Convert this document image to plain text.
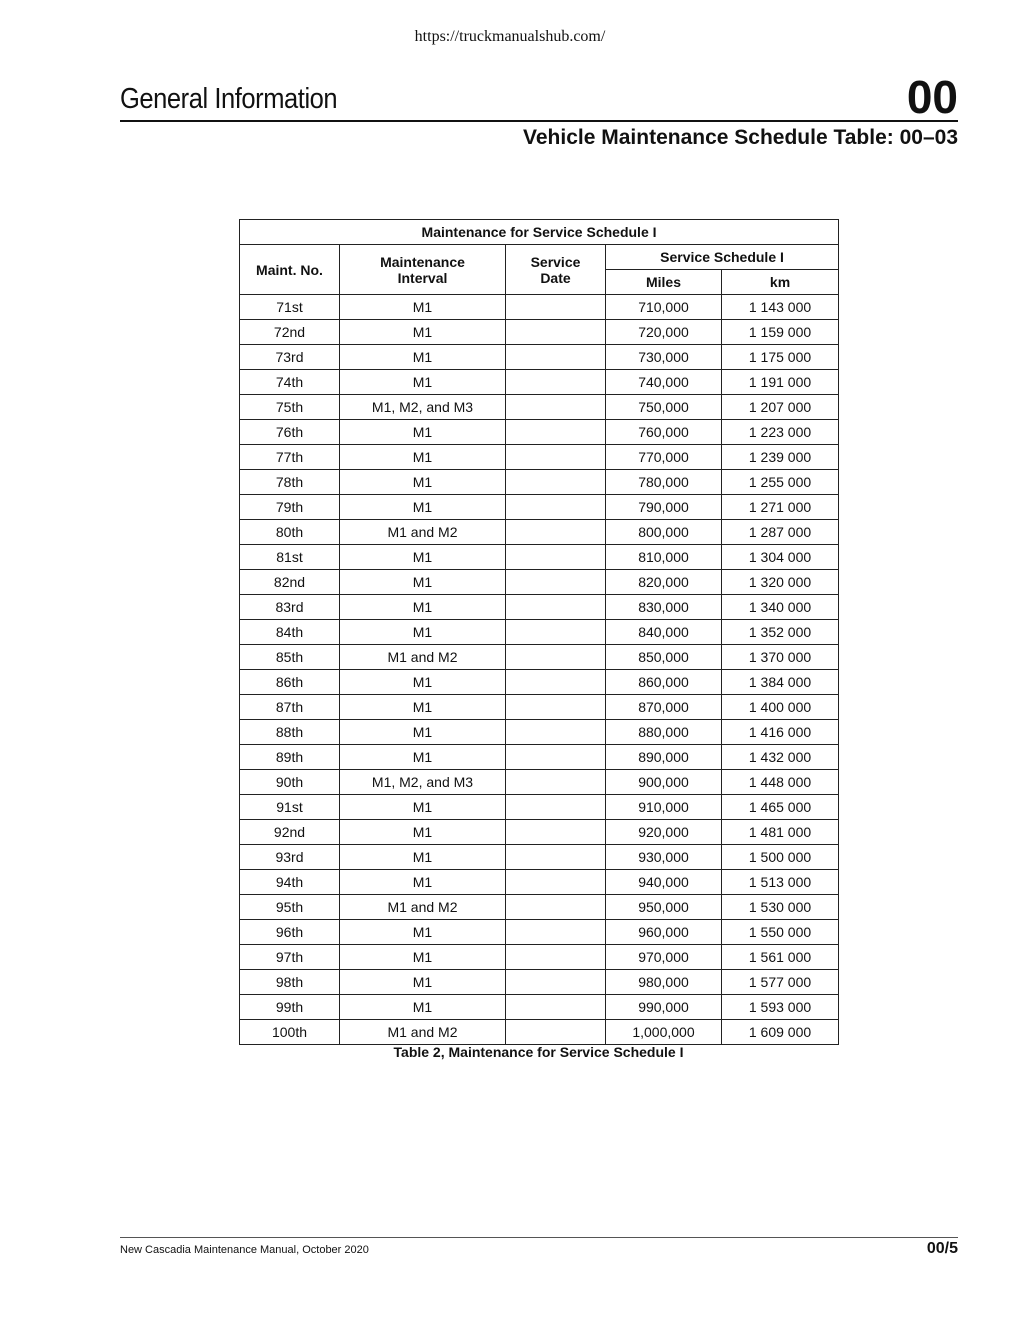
https://truckmanualshub.com/
General Information	00
Vehicle Maintenance Schedule Table: 00–03
Maintenance for Service Schedule I				
Maint. No.	Maintenance Interval	Service Date	Service Schedule I	
			Miles	km
71st	M1		710,000	1 143 000
72nd	M1		720,000	1 159 000
73rd	M1		730,000	1 175 000
74th	M1		740,000	1 191 000
75th	M1, M2, and M3		750,000	1 207 000
76th	M1		760,000	1 223 000
77th	M1		770,000	1 239 000
78th	M1		780,000	1 255 000
79th	M1		790,000	1 271 000
80th	M1 and M2		800,000	1 287 000
81st	M1		810,000	1 304 000
82nd	M1		820,000	1 320 000
83rd	M1		830,000	1 340 000
84th	M1		840,000	1 352 000
85th	M1 and M2		850,000	1 370 000
86th	M1		860,000	1 384 000
87th	M1		870,000	1 400 000
88th	M1		880,000	1 416 000
89th	M1		890,000	1 432 000
90th	M1, M2, and M3		900,000	1 448 000
91st	M1		910,000	1 465 000
92nd	M1		920,000	1 481 000
93rd	M1		930,000	1 500 000
94th	M1		940,000	1 513 000
95th	M1 and M2		950,000	1 530 000
96th	M1		960,000	1 550 000
97th	M1		970,000	1 561 000
98th	M1		980,000	1 577 000
99th	M1		990,000	1 593 000
100th	M1 and M2		1,000,000	1 609 000
Table 2, Maintenance for Service Schedule I
New Cascadia Maintenance Manual, October 2020	00/5
